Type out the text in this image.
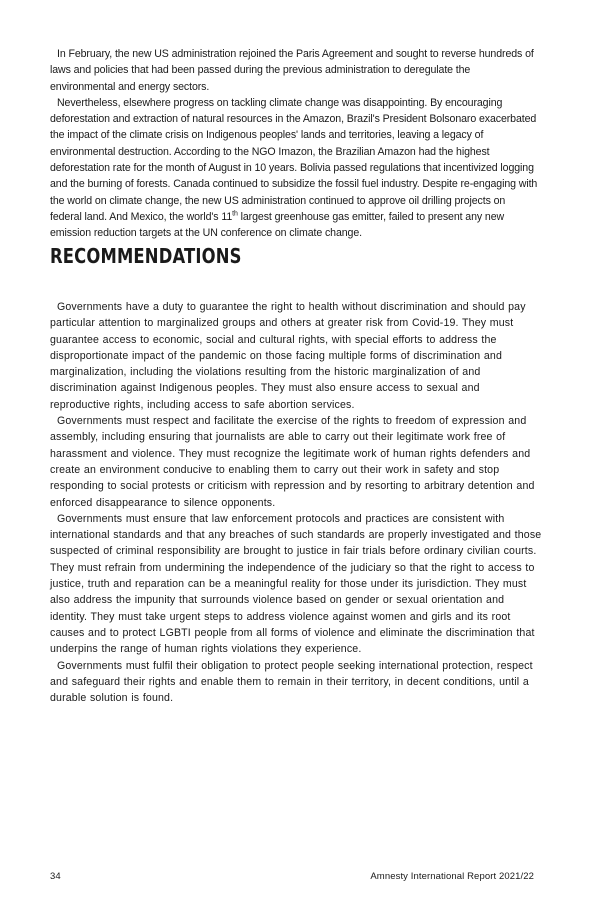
In February, the new US administration rejoined the Paris Agreement and sought to reverse hundreds of laws and policies that had been passed during the previous administration to deregulate the environmental and energy sectors.

Nevertheless, elsewhere progress on tackling climate change was disappointing. By encouraging deforestation and extraction of natural resources in the Amazon, Brazil's President Bolsonaro exacerbated the impact of the climate crisis on Indigenous peoples' lands and territories, leaving a legacy of environmental destruction. According to the NGO Imazon, the Brazilian Amazon had the highest deforestation rate for the month of August in 10 years. Bolivia passed regulations that incentivized logging and the burning of forests. Canada continued to subsidize the fossil fuel industry. Despite re-engaging with the world on climate change, the new US administration continued to approve oil drilling projects on federal land. And Mexico, the world's 11th largest greenhouse gas emitter, failed to present any new emission reduction targets at the UN conference on climate change.

RECOMMENDATIONS

Governments have a duty to guarantee the right to health without discrimination and should pay particular attention to marginalized groups and others at greater risk from Covid-19. They must guarantee access to economic, social and cultural rights, with special efforts to address the disproportionate impact of the pandemic on those facing multiple forms of discrimination and marginalization, including the violations resulting from the historic marginalization of and discrimination against Indigenous peoples. They must also ensure access to sexual and reproductive rights, including access to safe abortion services.

Governments must respect and facilitate the exercise of the rights to freedom of expression and assembly, including ensuring that journalists are able to carry out their legitimate work free of harassment and violence. They must recognize the legitimate work of human rights defenders and create an environment conducive to enabling them to carry out their work in safety and stop responding to social protests or criticism with repression and by resorting to arbitrary detention and enforced disappearance to silence opponents.

Governments must ensure that law enforcement protocols and practices are consistent with international standards and that any breaches of such standards are properly investigated and those suspected of criminal responsibility are brought to justice in fair trials before ordinary civilian courts. They must refrain from undermining the independence of the judiciary so that the right to access to justice, truth and reparation can be a meaningful reality for those under its jurisdiction. They must also address the impunity that surrounds violence based on gender or sexual orientation and identity. They must take urgent steps to address violence against women and girls and its root causes and to protect LGBTI people from all forms of violence and eliminate the discrimination that underpins the range of human rights violations they experience.

Governments must fulfil their obligation to protect people seeking international protection, respect and safeguard their rights and enable them to remain in their territory, in decent conditions, until a durable solution is found.

34	Amnesty International Report 2021/22
